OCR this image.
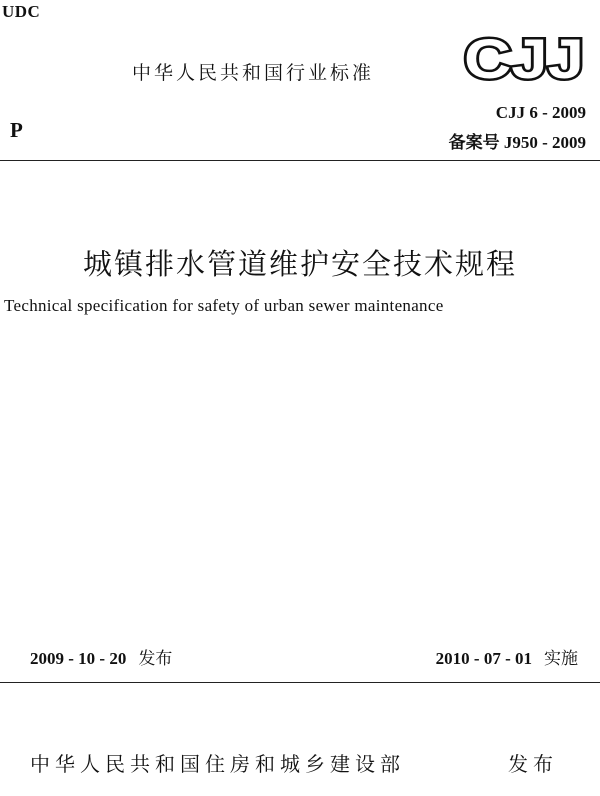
UDC
中华人民共和国行业标准 CJJ
P
CJJ 6 - 2009
备案号 J950 - 2009
城镇排水管道维护安全技术规程
Technical specification for safety of urban sewer maintenance
2009 - 10 - 20 发布	2010 - 07 - 01 实施
中华人民共和国住房和城乡建设部	发布
